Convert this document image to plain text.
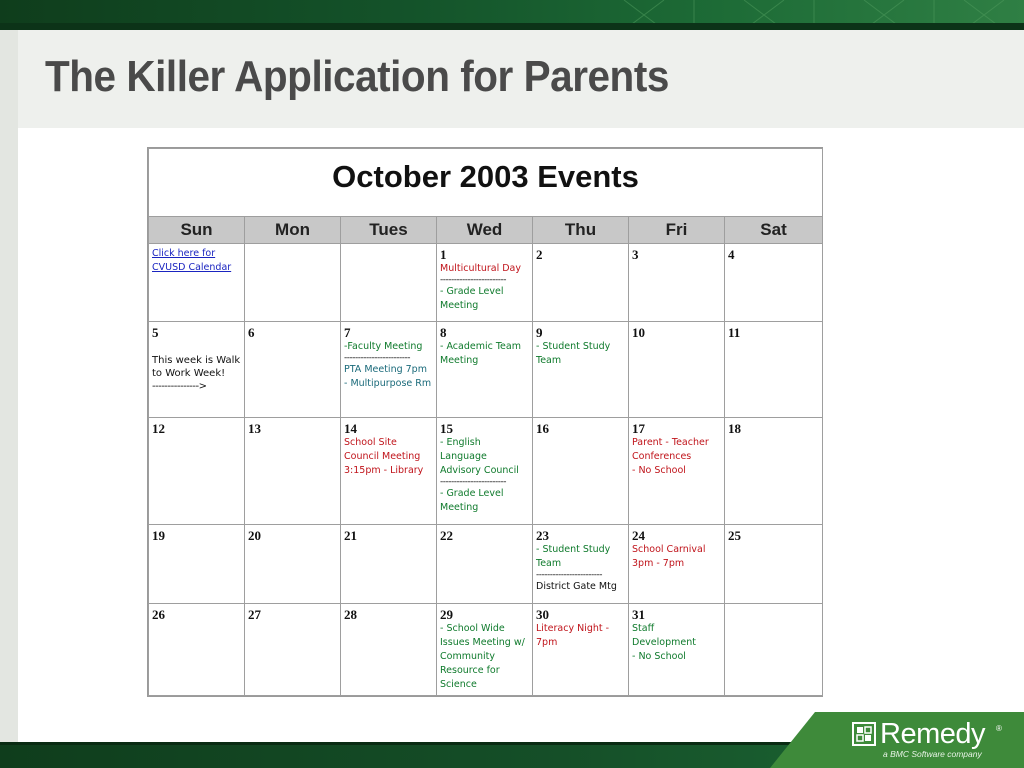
The Killer Application for Parents
October 2003 Events						
Sun	Mon	Tues	Wed	Thu	Fri	Sat

Click here for CVUSD Calendar			1
Multicultural Day
------------------------
- Grade Level Meeting	2	3	4

5
This week is Walk to Work Week!
--------------->	6	7
-Faculty Meeting
------------------------
PTA Meeting 7pm - Multipurpose Rm	8
- Academic Team Meeting	9
- Student Study Team	10	11

12	13	14
School Site Council Meeting 3:15pm - Library	15
- English Language Advisory Council
------------------------
- Grade Level Meeting	16	17
Parent - Teacher Conferences
- No School	18

19	20	21	22	23
- Student Study Team
------------------------
District Gate Mtg	24
School Carnival 3pm - 7pm	25

26	27	28	29
- School Wide Issues Meeting w/ Community Resource for Science	30
Literacy Night - 7pm	31
Staff Development
- No School	

Remedy ®
a BMC Software company
